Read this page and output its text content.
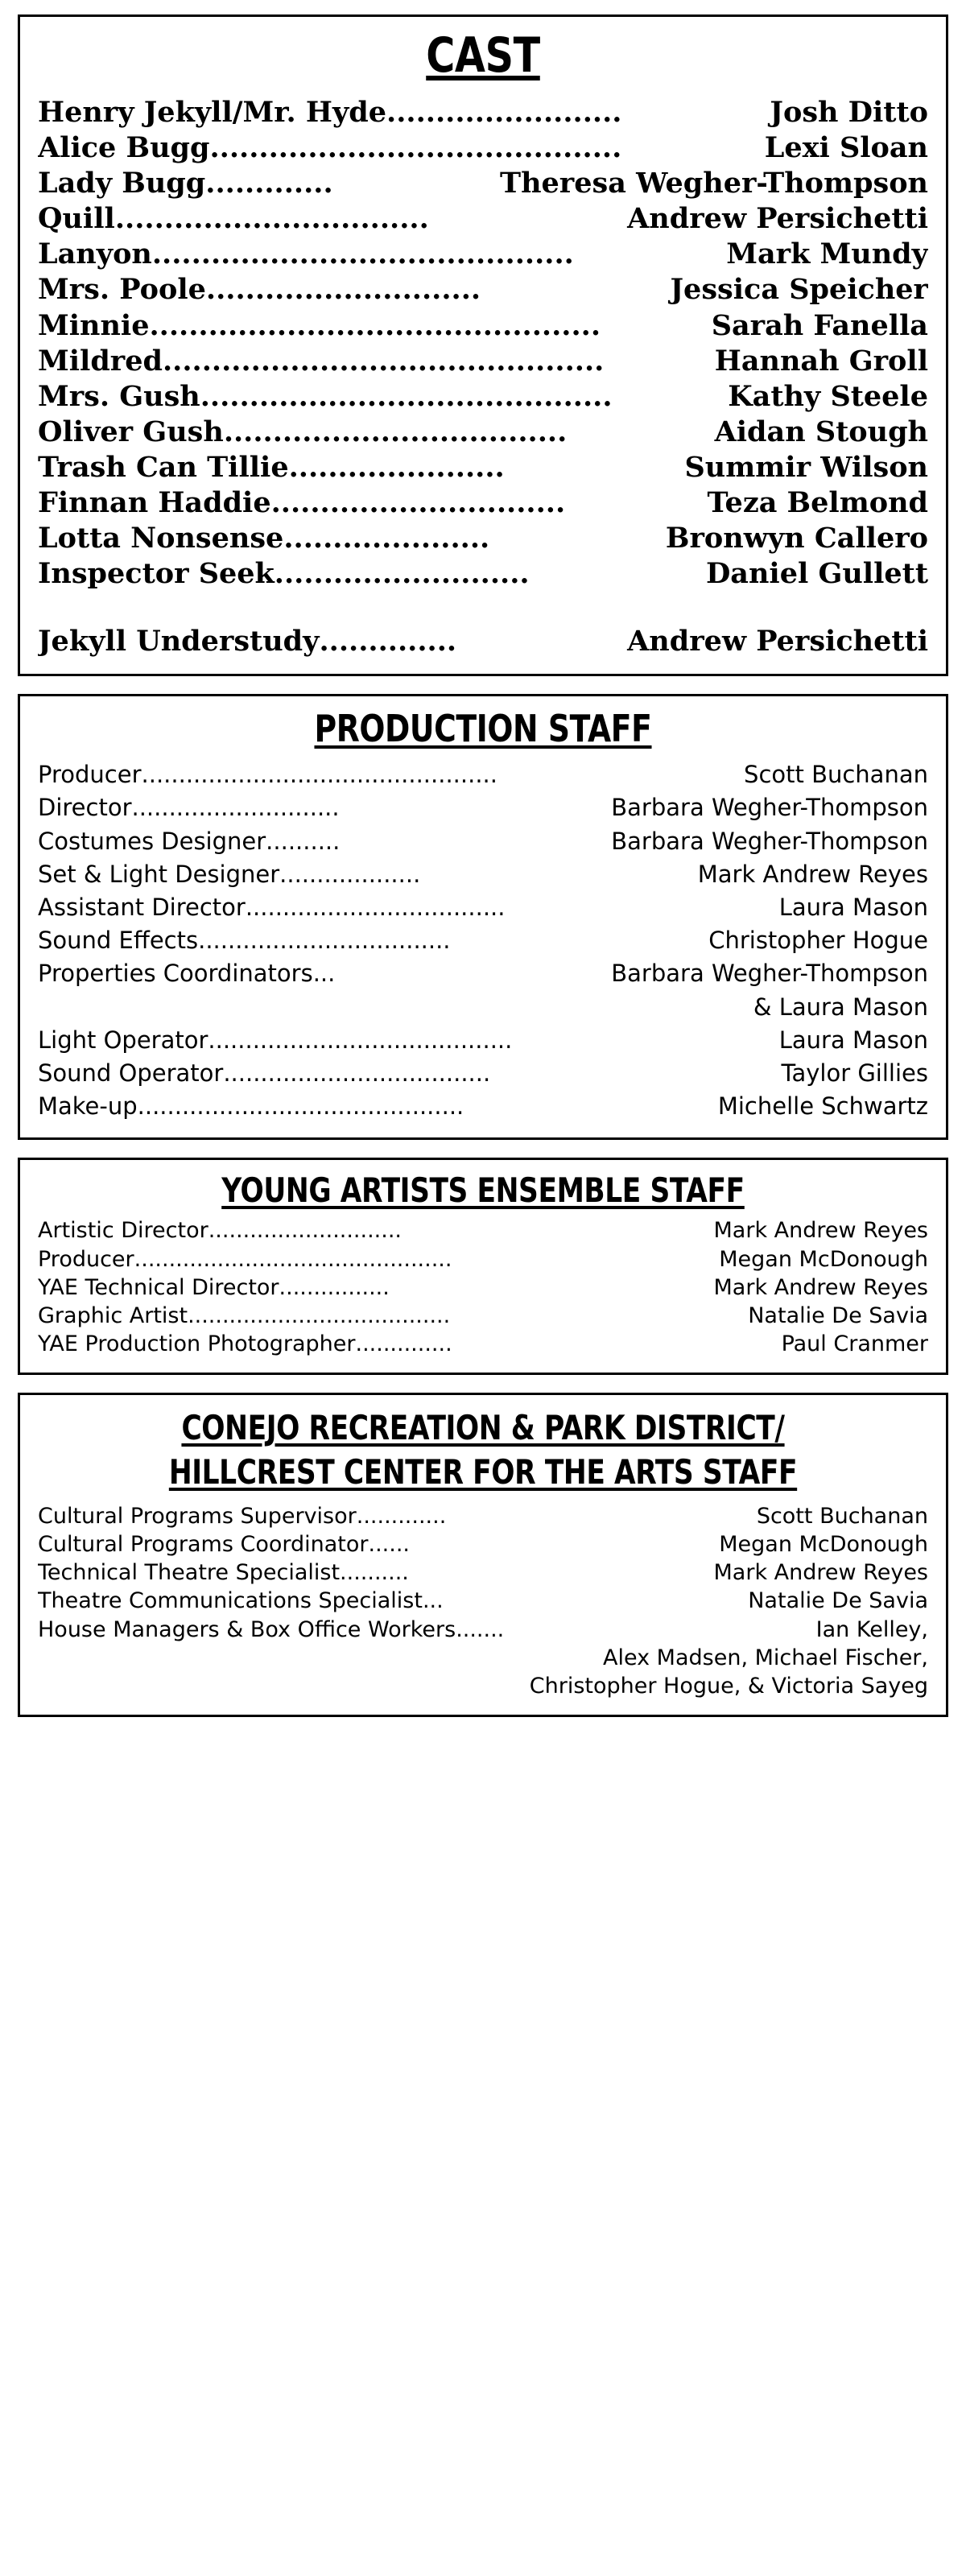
CAST
Henry Jekyll/Mr. Hyde ........................	Josh Ditto
Alice Bugg ..........................................	Lexi Sloan
Lady Bugg .............	Theresa Wegher-Thompson
Quill ................................	Andrew Persichetti
Lanyon ...........................................	Mark Mundy
Mrs. Poole ............................	Jessica Speicher
Minnie ..............................................	Sarah Fanella
Mildred .............................................	Hannah Groll
Mrs. Gush ..........................................	Kathy Steele
Oliver Gush ...................................	Aidan Stough
Trash Can Tillie ......................	Summir Wilson
Finnan Haddie ..............................	Teza Belmond
Lotta Nonsense .....................	Bronwyn Callero
Inspector Seek ..........................	Daniel Gullett
Jekyll Understudy ..............	Andrew Persichetti
PRODUCTION STAFF
Producer ................................................	Scott Buchanan
Director ............................	Barbara Wegher-Thompson
Costumes Designer ..........	Barbara Wegher-Thompson
Set & Light Designer ...................	Mark Andrew Reyes
Assistant Director ...................................	Laura Mason
Sound Effects ..................................	Christopher Hogue
Properties Coordinators ...	Barbara Wegher-Thompson
& Laura Mason
Light Operator .........................................	Laura Mason
Sound Operator ....................................	Taylor Gillies
Make-up ............................................	Michelle Schwartz
YOUNG ARTISTS ENSEMBLE STAFF
Artistic Director ............................	Mark Andrew Reyes
Producer ..............................................	Megan McDonough
YAE Technical Director ................	Mark Andrew Reyes
Graphic Artist ......................................	Natalie De Savia
YAE Production Photographer ..............	Paul Cranmer
CONEJO RECREATION & PARK DISTRICT/
HILLCREST CENTER FOR THE ARTS STAFF
Cultural Programs Supervisor .............	Scott Buchanan
Cultural Programs Coordinator ......	Megan McDonough
Technical Theatre Specialist ..........	Mark Andrew Reyes
Theatre Communications Specialist ...	Natalie De Savia
House Managers & Box Office Workers .......	Ian Kelley,
Alex Madsen, Michael Fischer,
Christopher Hogue, & Victoria Sayeg
